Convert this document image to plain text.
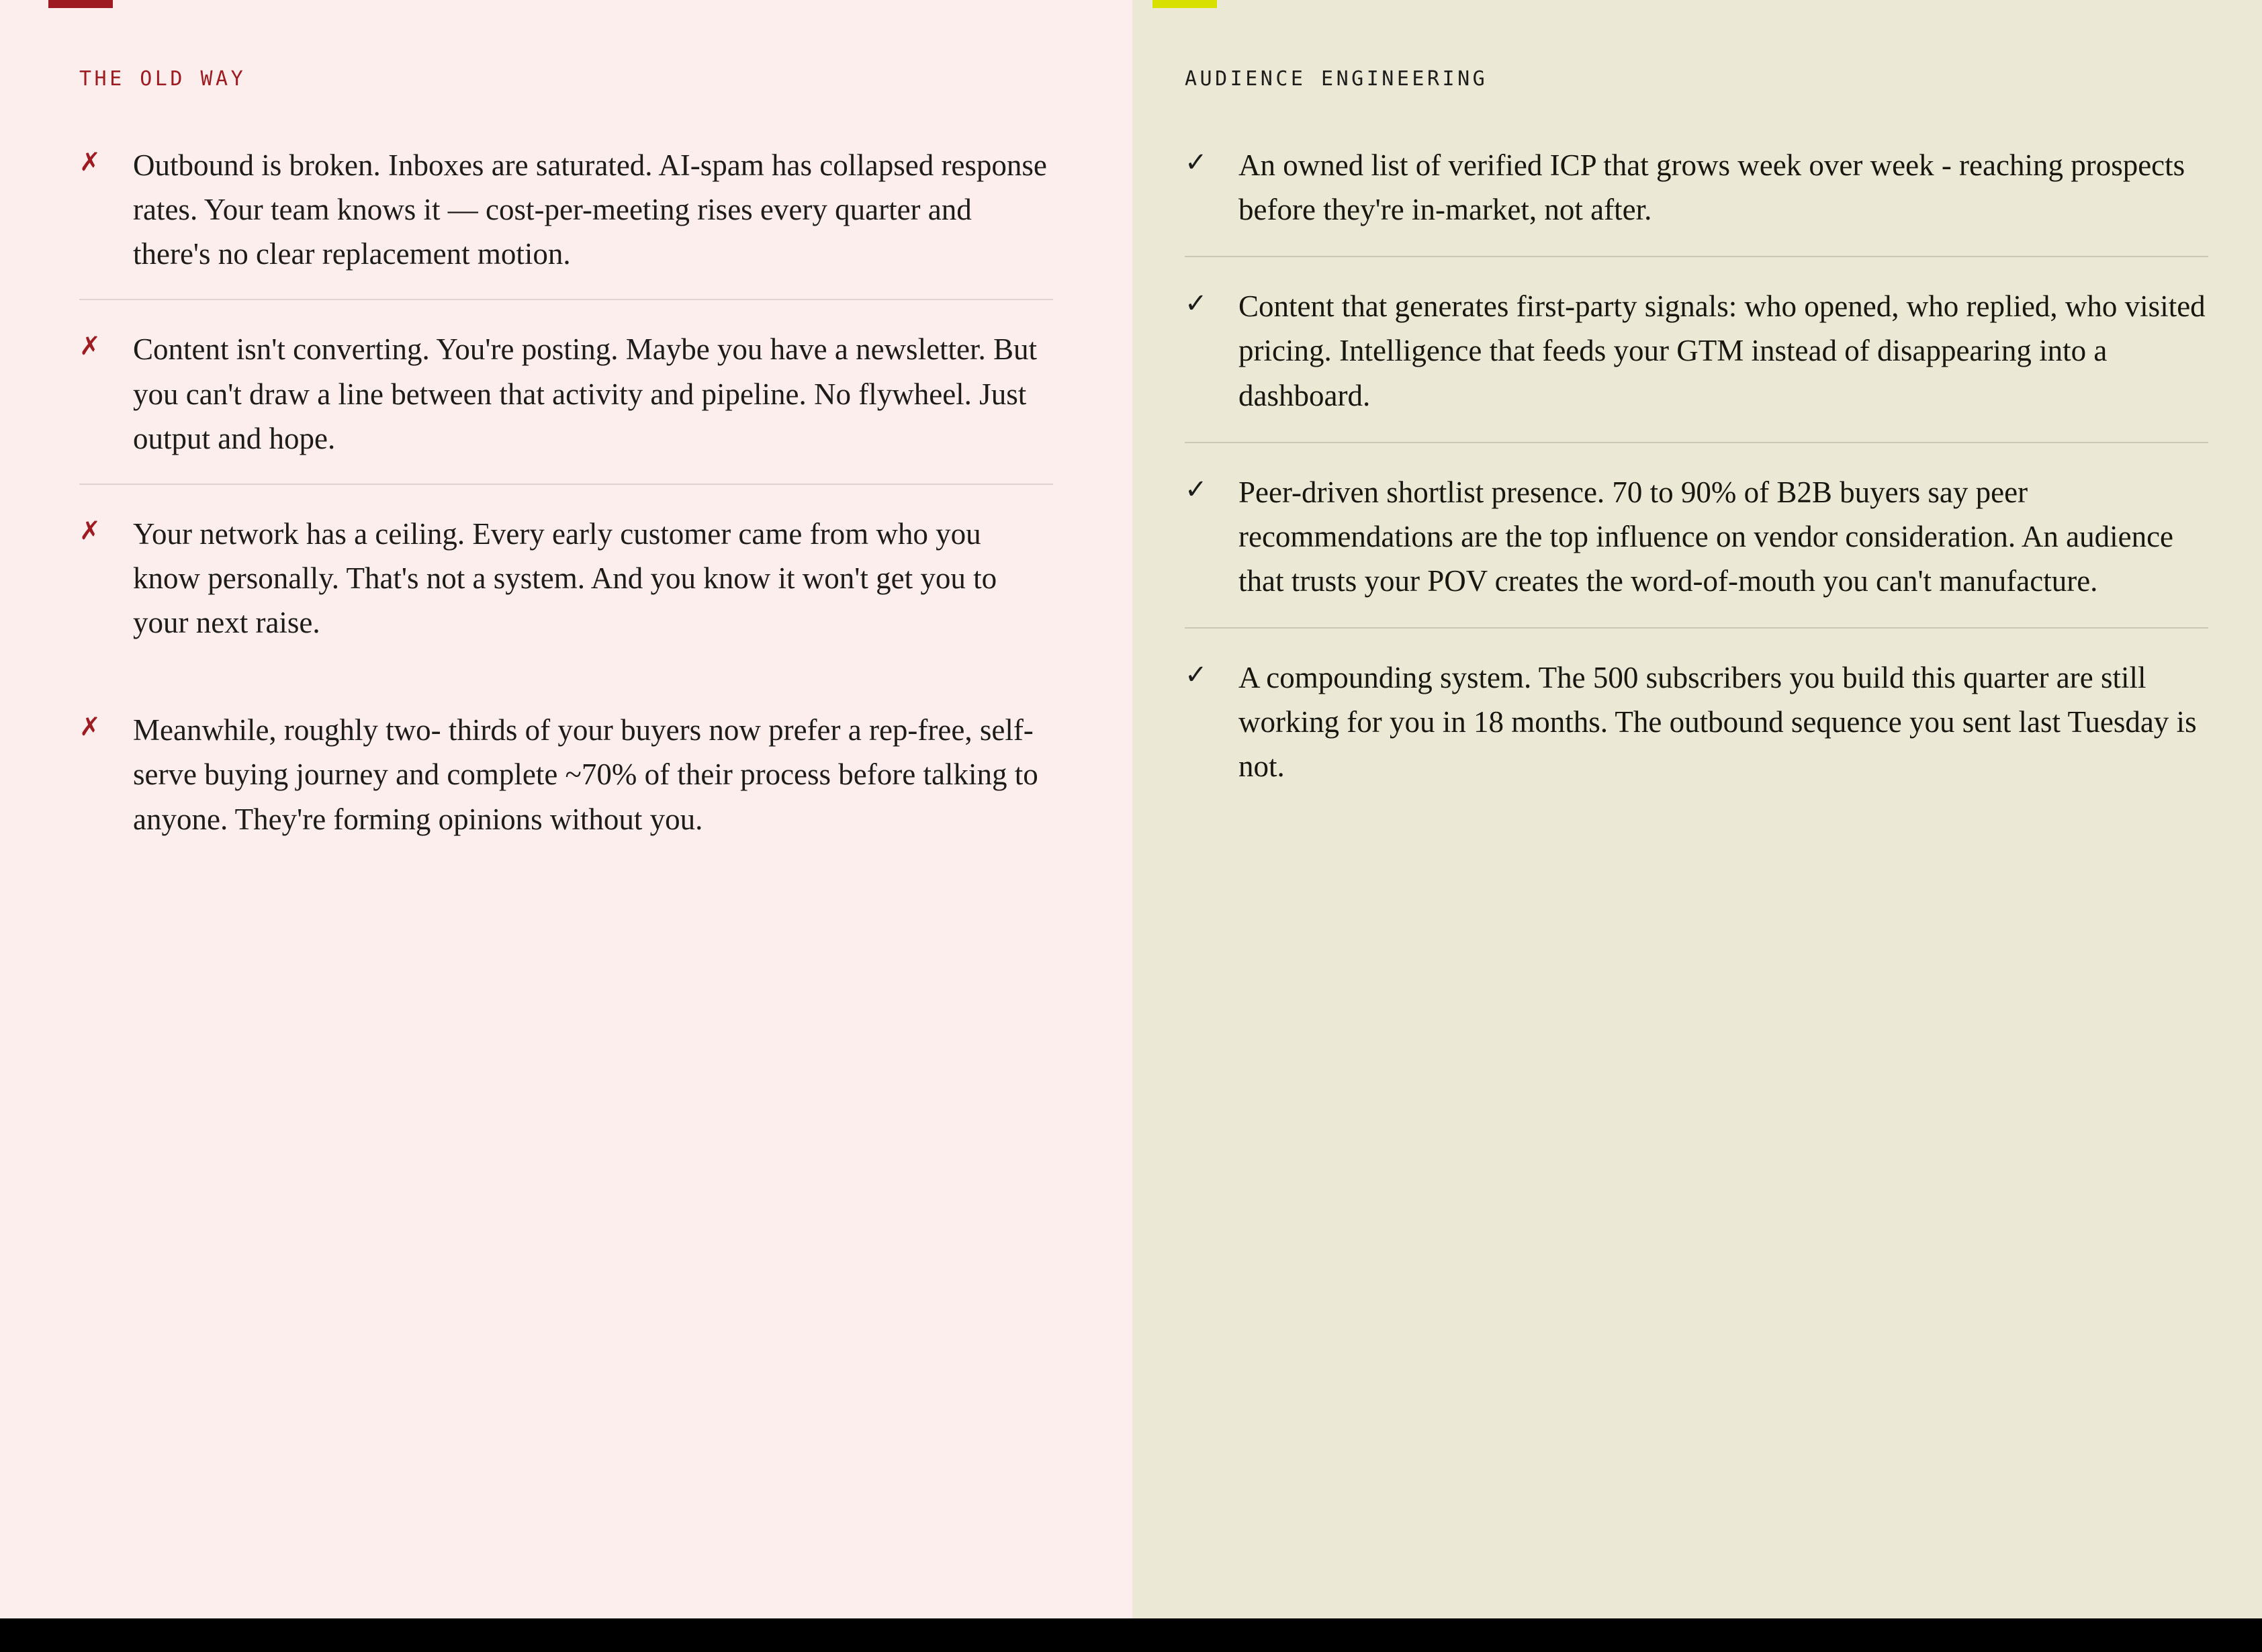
THE OLD WAY
✗	Outbound is broken. Inboxes are saturated. AI-spam has collapsed response rates. Your team knows it — cost-per-meeting rises every quarter and there's no clear replacement motion.
✗	Content isn't converting. You're posting. Maybe you have a newsletter. But you can't draw a line between that activity and pipeline. No flywheel. Just output and hope.
✗	Your network has a ceiling. Every early customer came from who you know personally. That's not a system. And you know it won't get you to your next raise.
✗	Meanwhile, roughly two- thirds of your buyers now prefer a rep-free, self-serve buying journey and complete ~70% of their process before talking to anyone. They're forming opinions without you.
AUDIENCE ENGINEERING
✓	An owned list of verified ICP that grows week over week - reaching prospects before they're in-market, not after.
✓	Content that generates first-party signals: who opened, who replied, who visited pricing. Intelligence that feeds your GTM instead of disappearing into a dashboard.
✓	Peer-driven shortlist presence. 70 to 90% of B2B buyers say peer recommendations are the top influence on vendor consideration. An audience that trusts your POV creates the word-of-mouth you can't manufacture.
✓	A compounding system. The 500 subscribers you build this quarter are still working for you in 18 months. The outbound sequence you sent last Tuesday is not.
